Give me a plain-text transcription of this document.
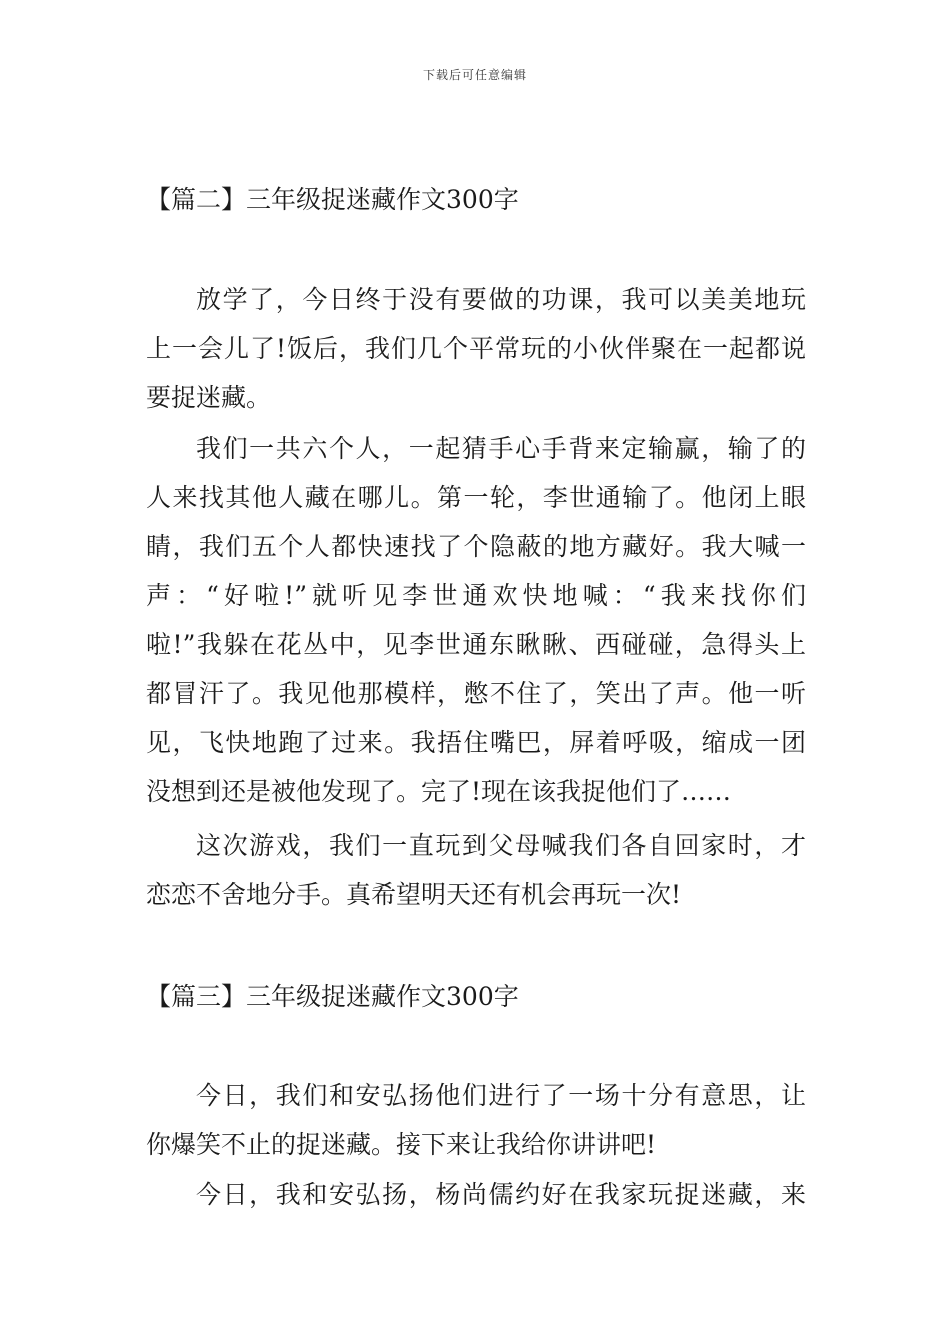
下载后可任意编辑
【篇二】三年级捉迷藏作文300字
放学了，今日终于没有要做的功课，我可以美美地玩
上一会儿了!饭后，我们几个平常玩的小伙伴聚在一起都说
要捉迷藏。
我们一共六个人，一起猜手心手背来定输赢，输了的
人来找其他人藏在哪儿。第一轮，李世通输了。他闭上眼
睛，我们五个人都快速找了个隐蔽的地方藏好。我大喊一
声：“好啦!”就听见李世通欢快地喊：“我来找你们
啦!”我躲在花丛中，见李世通东瞅瞅、西碰碰，急得头上
都冒汗了。我见他那模样，憋不住了，笑出了声。他一听
见，飞快地跑了过来。我捂住嘴巴，屏着呼吸，缩成一团
没想到还是被他发现了。完了!现在该我捉他们了……
这次游戏，我们一直玩到父母喊我们各自回家时，才
恋恋不舍地分手。真希望明天还有机会再玩一次!
【篇三】三年级捉迷藏作文300字
今日，我们和安弘扬他们进行了一场十分有意思，让
你爆笑不止的捉迷藏。接下来让我给你讲讲吧!
今日，我和安弘扬，杨尚儒约好在我家玩捉迷藏，来
